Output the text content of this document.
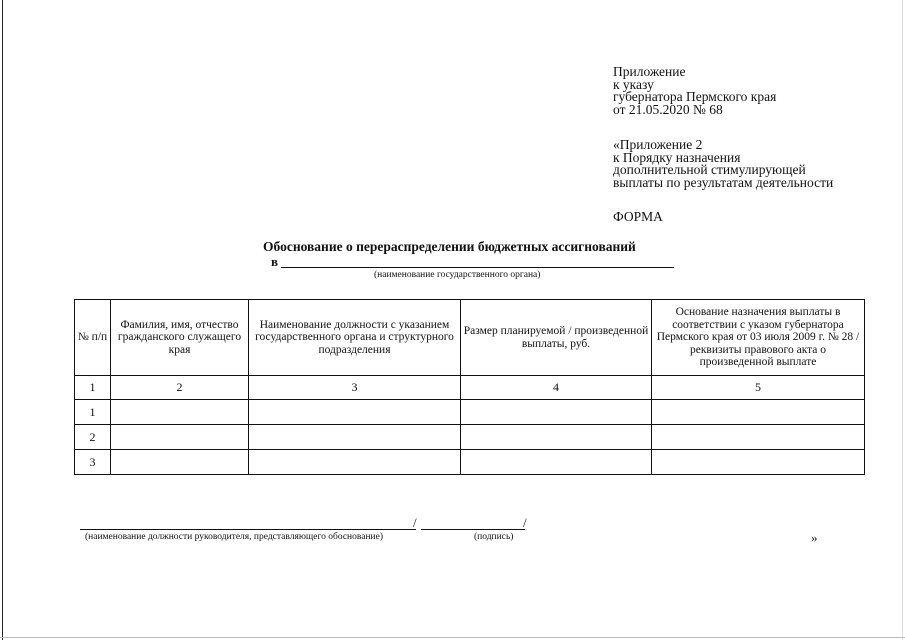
Приложение
к указу
губернатора Пермского края
от 21.05.2020 № 68
«Приложение 2
к Порядку назначения
дополнительной стимулирующей
выплаты по результатам деятельности
ФОРМА
Обоснование о перераспределении бюджетных ассигнований
в
(наименование государственного органа)
№ п/п	Фамилия, имя, отчество гражданского служащего края	Наименование должности с указанием государственного органа и структурного подразделения	Размер планируемой / произведенной выплаты, руб.	Основание назначения выплаты в соответствии с указом губернатора Пермского края от 03 июля 2009 г. № 28 / реквизиты правового акта о произведенной выплате
1	2	3	4	5
1				
2				
3				
/	/
(наименование должности руководителя, представляющего обоснование)	(подпись)	»
